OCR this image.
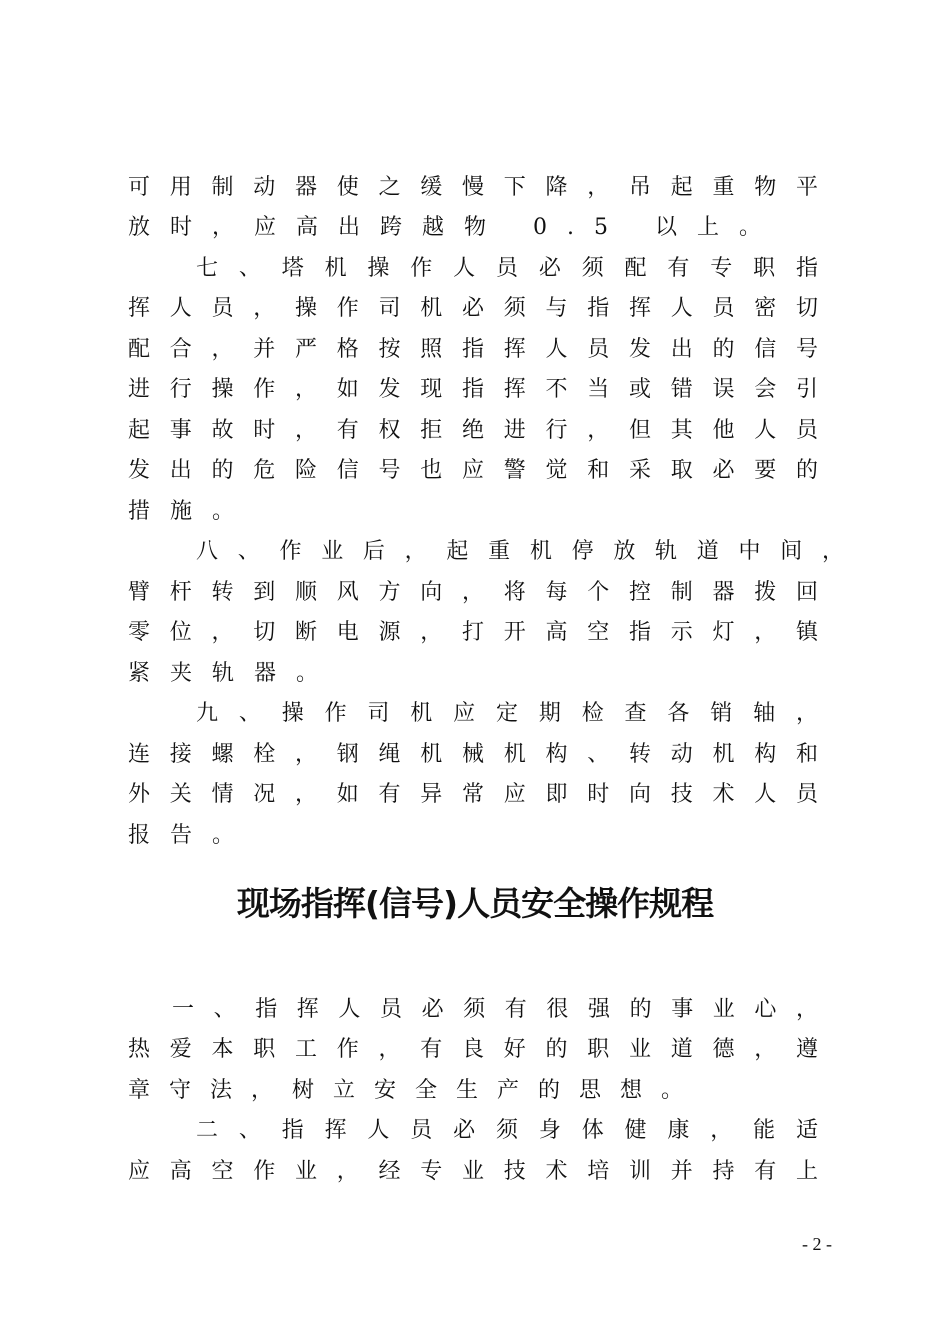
可用制动器使之缓慢下降，吊起重物平
放时，应高出跨越物 0.5 以上。
七、塔机操作人员必须配有专职指
挥人员，操作司机必须与指挥人员密切
配合，并严格按照指挥人员发出的信号
进行操作，如发现指挥不当或错误会引
起事故时，有权拒绝进行，但其他人员
发出的危险信号也应警觉和采取必要的
措施。
八、作业后，起重机停放轨道中间，
臂杆转到顺风方向，将每个控制器拨回
零位，切断电源，打开高空指示灯，镇
紧夹轨器。
九、操作司机应定期检查各销轴，
连接螺栓，钢绳机械机构、转动机构和
外关情况，如有异常应即时向技术人员
报告。
现场指挥(信号)人员安全操作规程
一、指挥人员必须有很强的事业心，
热爱本职工作，有良好的职业道德，遵
章守法，树立安全生产的思想。
二、指挥人员必须身体健康，能适
应高空作业，经专业技术培训并持有上
- 2 -
